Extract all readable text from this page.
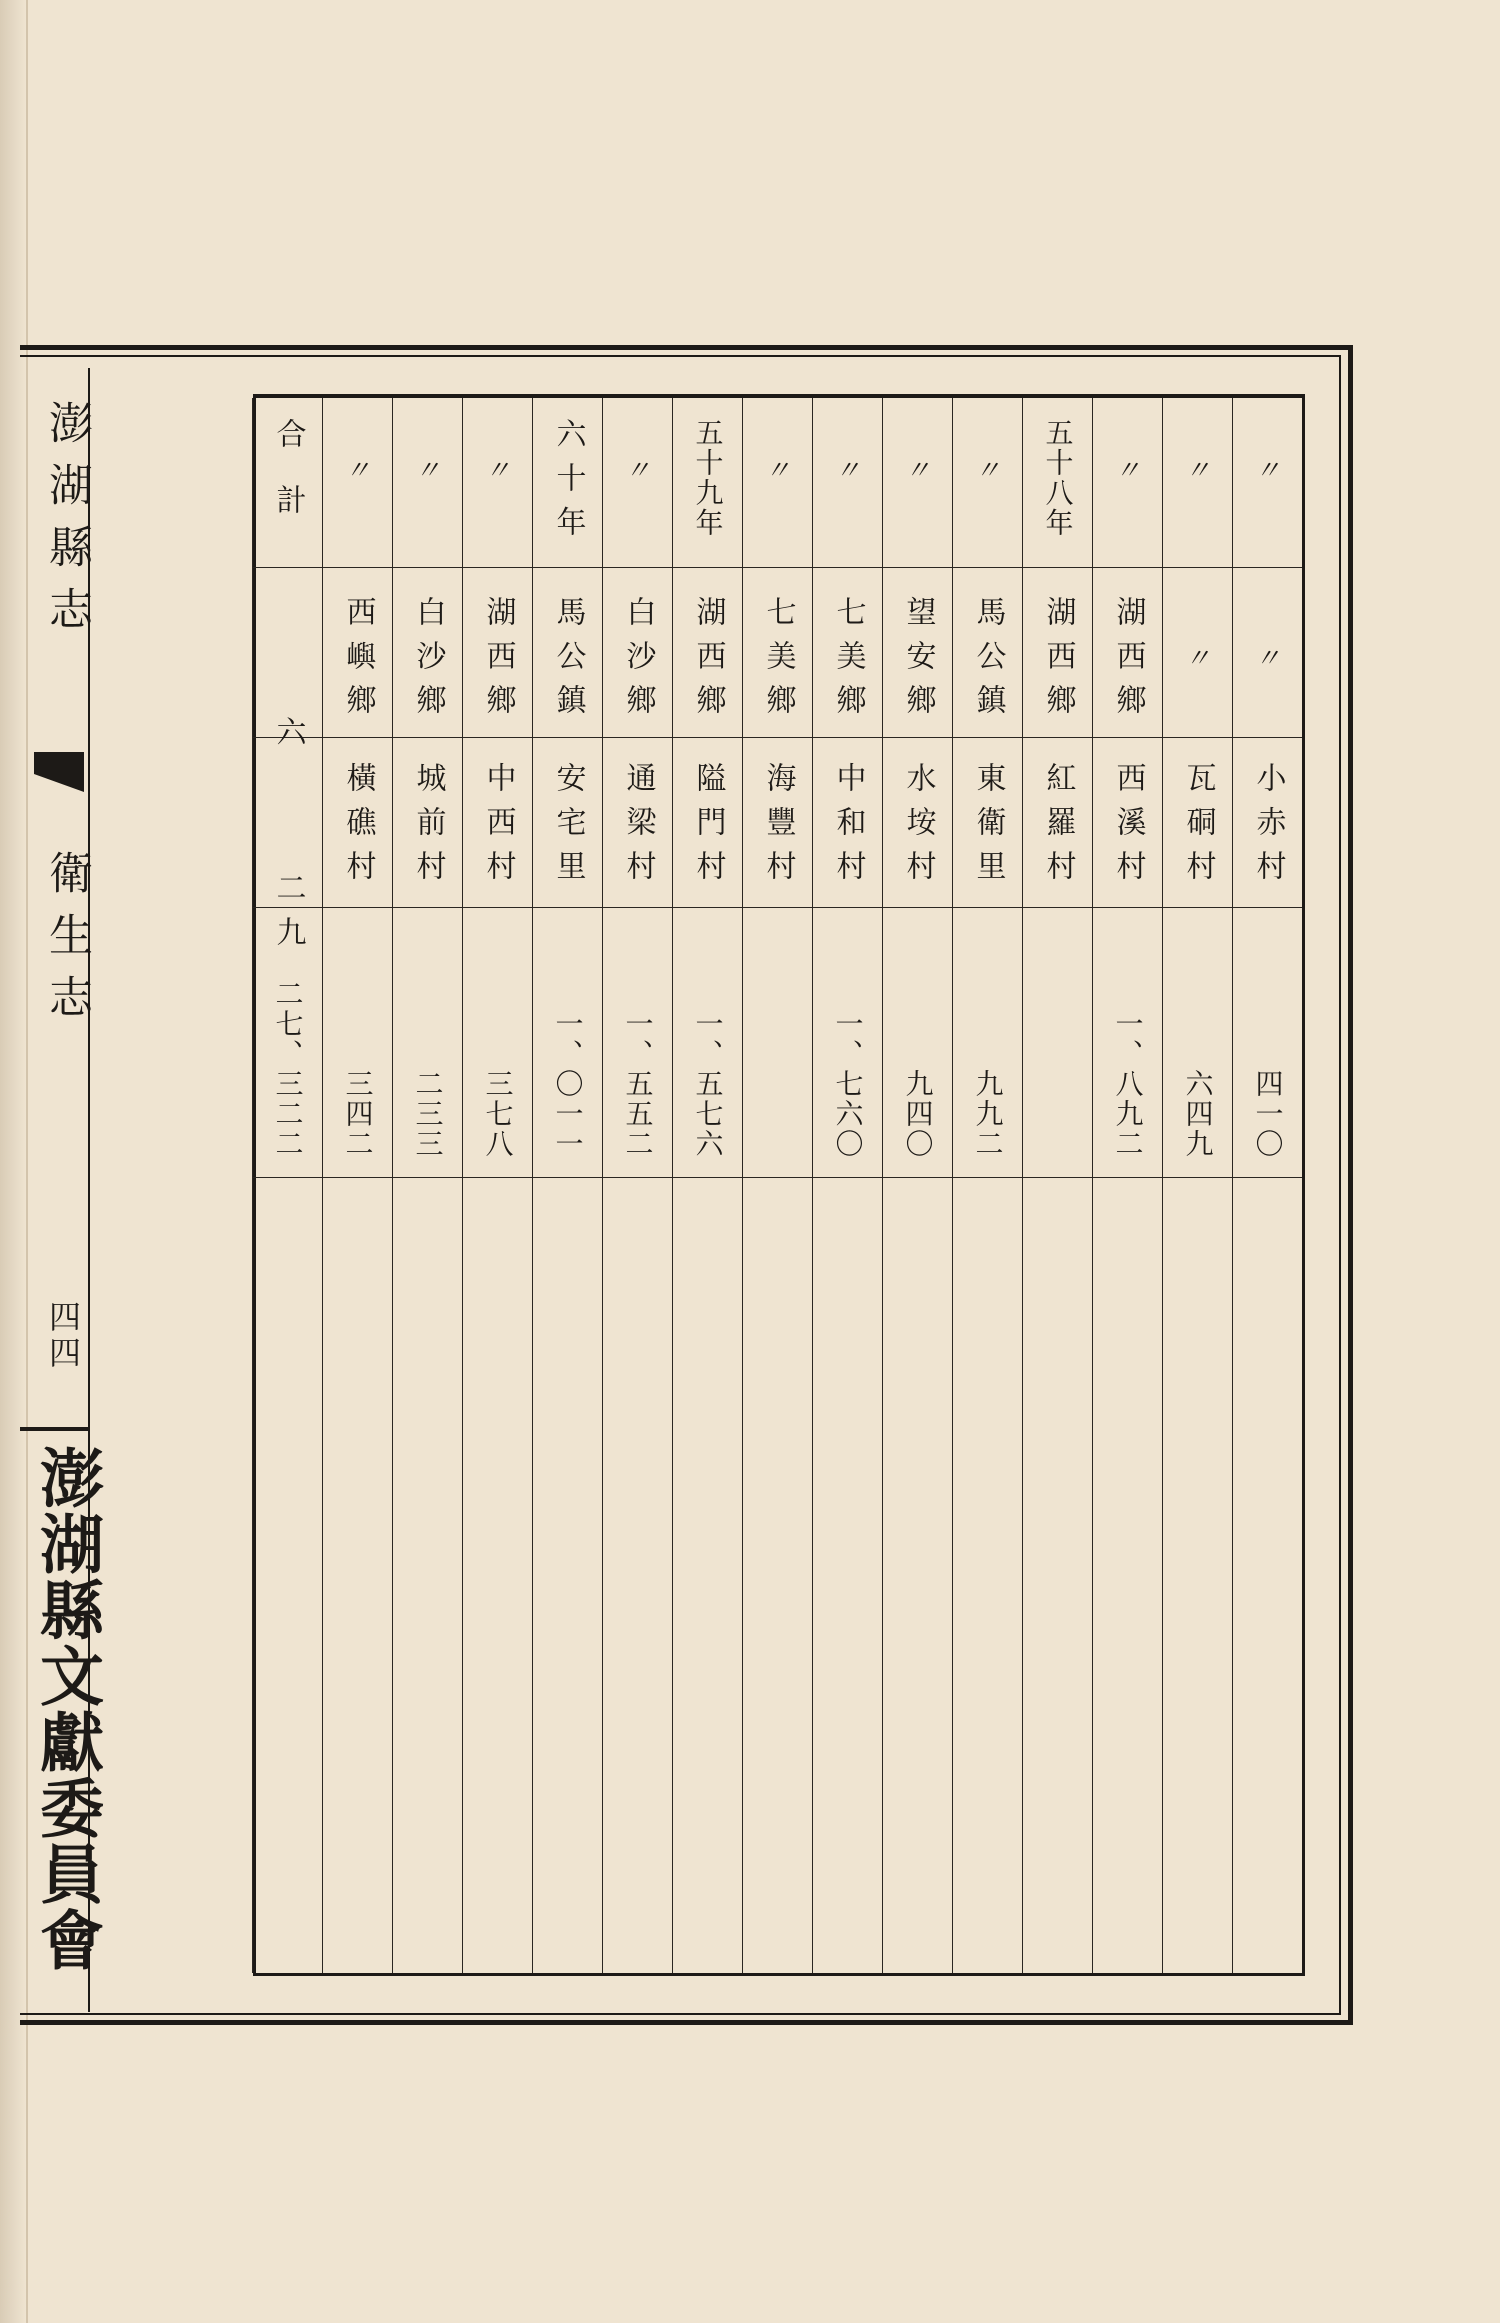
澎湖縣志

衛生志

四四

澎湖縣文獻委員會

〃
〃
小赤村
四一〇
〃
〃
瓦硐村
六四九
〃
湖西鄉
西溪村
一、八九二
五十八年
湖西鄉
紅羅村
〃
馬公鎮
東衛里
九九二
〃
望安鄉
水垵村
九四〇
〃
七美鄉
中和村
一、七六〇
〃
七美鄉
海豐村
五十九年
湖西鄉
隘門村
一、五七六
〃
白沙鄉
通梁村
一、五五二
六十年
馬公鎮
安宅里
一、〇一一
〃
湖西鄉
中西村
三七八
〃
白沙鄉
城前村
二三三
〃
西嶼鄉
橫礁村
三四二
合計
六
二九
二七、三二二
